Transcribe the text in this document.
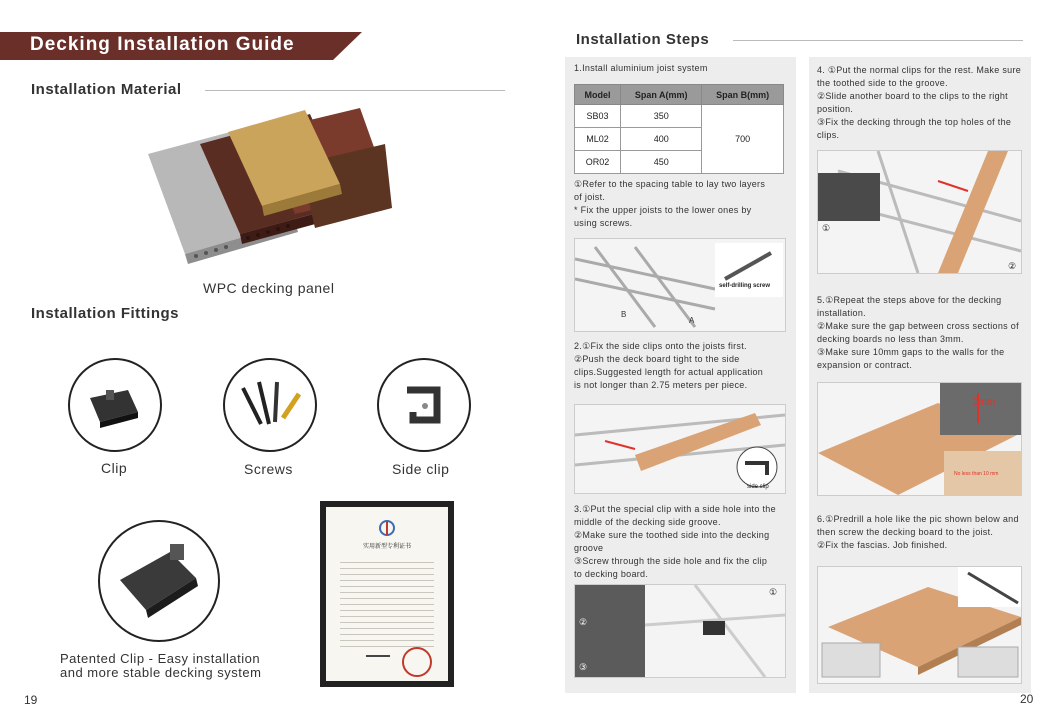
Decking Installation Guide
Installation Material
WPC decking panel
Installation Fittings
Clip	Screws	Side clip
Patented Clip - Easy installation
and more stable decking system
实用新型专利证书
19
Installation Steps
1.Install aluminium joist system
Model	Span A(mm)	Span B(mm)
SB03	350	700
ML02	400	
OR02	450	
①Refer to the spacing table to lay two layers
of joist.
* Fix the upper joists to the lower ones by
using screws.
B
A
self-drilling screw
2.①Fix the side clips onto the joists first.
②Push the deck board tight to the side
clips.Suggested length for actual application
is not longer than 2.75 meters per piece.
side clip
3.①Put the special clip with a side hole into the
middle of the decking side groove.
②Make sure the toothed side into the decking
groove
③Screw through the side hole and fix the clip
to decking board.
②
③
①
4. ①Put the normal clips for the rest. Make sure
the toothed side to the groove.
②Slide another board to the clips to the right
position.
③Fix the decking through the top holes of the
clips.
①
②
5.①Repeat the steps above for the decking
installation.
②Make sure the gap between cross sections of
decking boards no less than 3mm.
③Make sure 10mm gaps to the walls for the
expansion or contract.
3mm
No less than 10 mm
6.①Predrill a hole like the pic shown below and
then screw the decking board to the joist.
②Fix the fascias. Job finished.
20
